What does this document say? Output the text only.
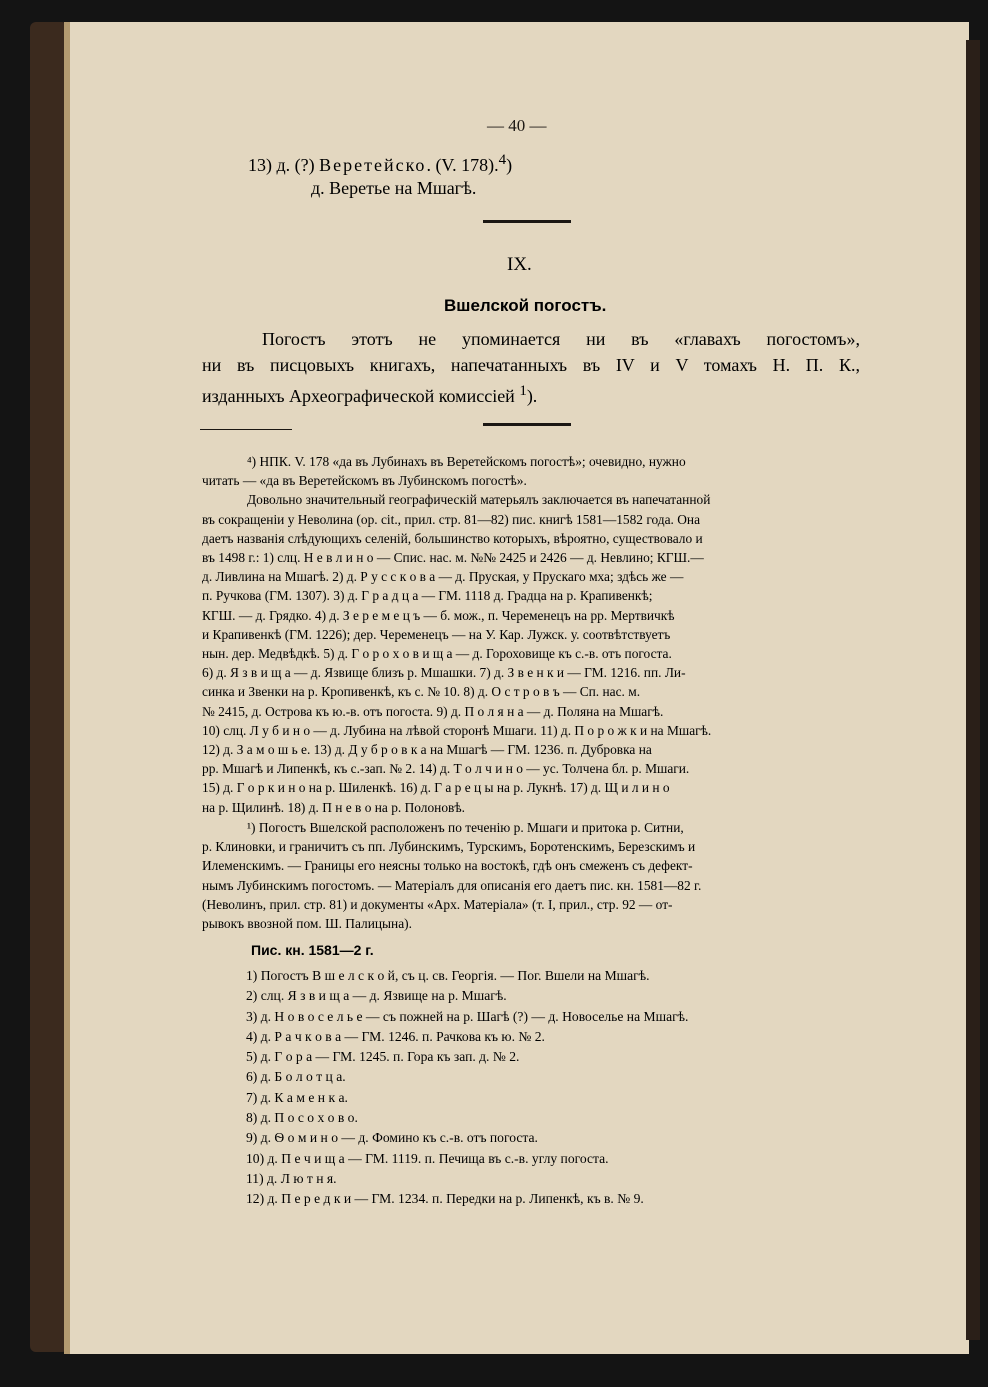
— 40 —
13) д. (?) Веретейско. (V. 178).$^4$)
д. Веретье на Мшагѣ.
IX.
Вшелской погостъ.
Погостъ этотъ не упоминается ни въ «главахъ погостомъ»,
ни въ писцовыхъ книгахъ, напечатанныхъ въ IV и V томахъ Н. П. К.,
изданныхъ Археографической комиссіей $^1$).

⁴) НПК. V. 178 «да въ Лубинахъ въ Веретейскомъ погостѣ»; очевидно, нужно

читать — «да въ Веретейскомъ въ Лубинскомъ погостѣ».

Довольно значительный географическій матерьялъ заключается въ напечатанной

въ сокращеніи у Неволина (ор. cit., прил. стр. 81—82) пис. книгѣ 1581—1582 года. Она

даетъ названія слѣдующихъ селеній, большинство которыхъ, вѣроятно, существовало и

въ 1498 г.: 1) слц. Н е в л и н о — Спис. нас. м. №№ 2425 и 2426 — д. Невлино; КГШ.—

д. Ливлина на Мшагѣ. 2) д. Р у с с к о в а — д. Пруская, у Прускаго мха; здѣсь же —

п. Ручкова (ГМ. 1307). 3) д. Г р а д ц а — ГМ. 1118 д. Градца на р. Крапивенкѣ;

КГШ. — д. Грядко. 4) д. З е р е м е ц ъ — б. мож., п. Черемeнецъ на рр. Мертвичкѣ

и Крапивенкѣ (ГМ. 1226); дер. Черемeнецъ — на У. Кар. Лужск. у. соотвѣтствуетъ

нын. дер. Медвѣдкѣ. 5) д. Г о р о х о в и щ а — д. Гороховище къ с.-в. отъ погоста.

6) д. Я з в и щ а — д. Язвище близъ р. Мшашки. 7) д. З в е н к и — ГМ. 1216. пп. Ли-

синка и Звенки на р. Кропивенкѣ, къ с. № 10. 8) д. О с т р о в ъ — Сп. нас. м.

№ 2415, д. Острова къ ю.-в. отъ погоста. 9) д. П о л я н а — д. Поляна на Мшагѣ.

10) слц. Л у б и н о — д. Лубина на лѣвой сторонѣ Мшаги. 11) д. П о р о ж к и на Мшагѣ.

12) д. З а м о ш ь е. 13) д. Д у б р о в к а на Мшагѣ — ГМ. 1236. п. Дубровка на

рр. Мшагѣ и Липенкѣ, къ с.-зап. № 2. 14) д. Т о л ч и н о — ус. Толчена бл. р. Мшаги.

15) д. Г о р к и н о на р. Шиленкѣ. 16) д. Г а р е ц ы на р. Лукнѣ. 17) д. Щ и л и н о

на р. Щилинѣ. 18) д. П н е в о на р. Полоновѣ.

¹) Погостъ Вшелской расположенъ по теченію р. Мшаги и притока р. Ситни,

р. Клиновки, и граничитъ съ пп. Лубинскимъ, Турскимъ, Боротенскимъ, Березскимъ и

Илеменскимъ. — Границы его неясны только на востокѣ, гдѣ онъ смеженъ съ дефект-

нымъ Лубинскимъ погостомъ. — Матеріалъ для описанія его даетъ пис. кн. 1581—82 г.

(Неволинъ, прил. стр. 81) и документы «Арх. Матеріала» (т. I, прил., стр. 92 — от-

рывокъ ввозной пом. Ш. Палицына).

Пис. кн. 1581—2 г.
1) Погостъ В ш е л с к о й, съ ц. св. Георгія. — Пог. Вшели на Мшагѣ.
2) слц. Я з в и щ а — д. Язвище на р. Мшагѣ.
3) д. Н о в о с е л ь е — съ пожней на р. Шагѣ (?) — д. Новоселье на Мшагѣ.
4) д. Р а ч к о в а — ГМ. 1246. п. Рачкова къ ю. № 2.
5) д. Г о р а — ГМ. 1245. п. Гора къ зап. д. № 2.
6) д. Б о л о т ц а.
7) д. К а м е н к а.
8) д. П о с о х о в о.
9) д. Ѳ о м и н о — д. Фомино къ с.-в. отъ погоста.
10) д. П е ч и щ а — ГМ. 1119. п. Печища въ с.-в. углу погоста.
11) д. Л ю т н я.
12) д. П е р е д к и — ГМ. 1234. п. Передки на р. Липенкѣ, къ в. № 9.
